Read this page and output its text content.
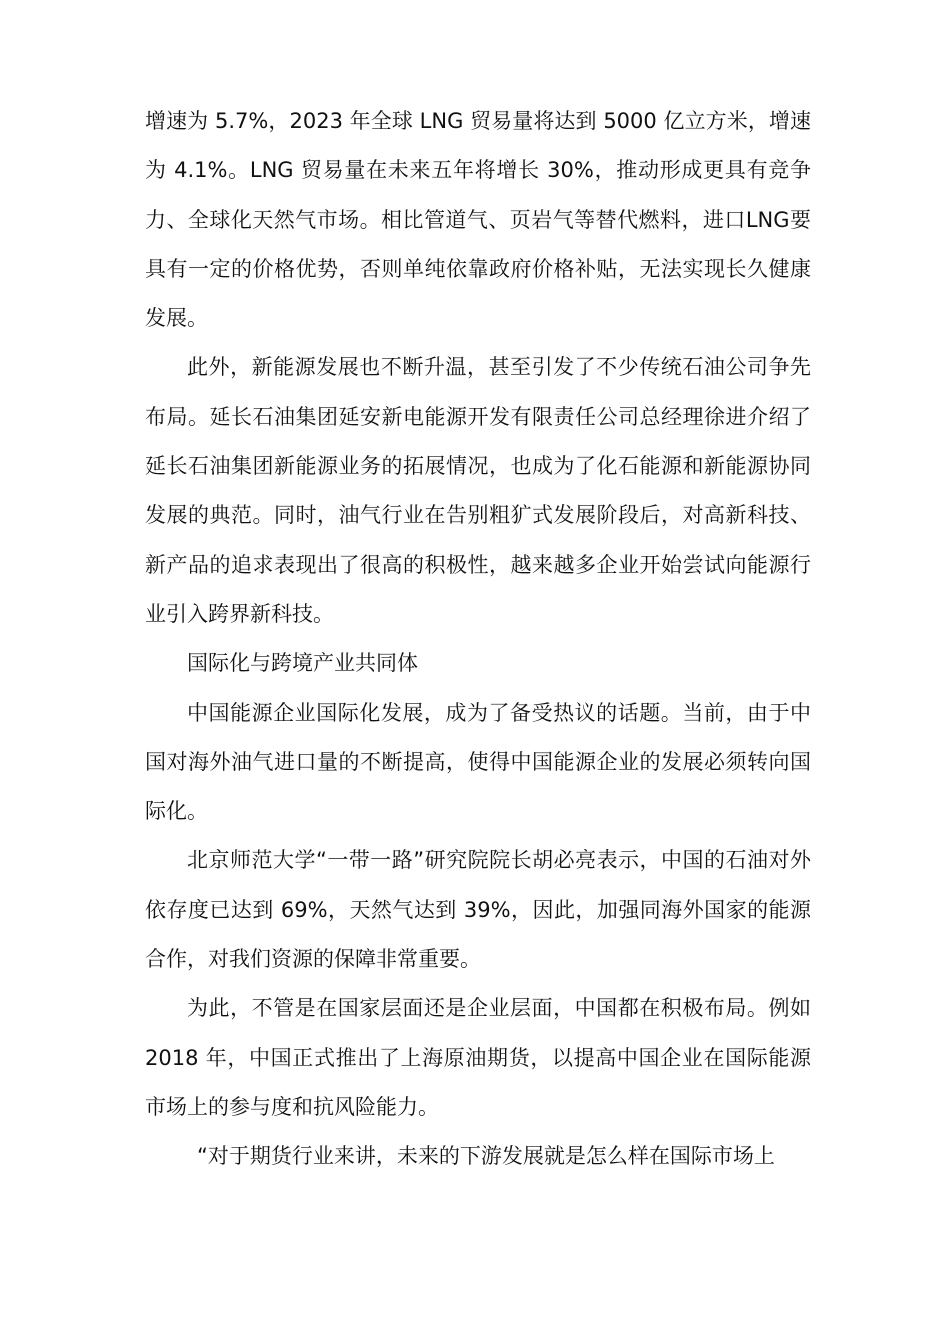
增速为 5.7%，2023 年全球 LNG 贸易量将达到 5000 亿立方米，增速为 4.1%。LNG 贸易量在未来五年将增长 30%，推动形成更具有竞争力、全球化天然气市场。相比管道气、页岩气等替代燃料，进口LNG要具有一定的价格优势，否则单纯依靠政府价格补贴，无法实现长久健康发展。

此外，新能源发展也不断升温，甚至引发了不少传统石油公司争先布局。延长石油集团延安新电能源开发有限责任公司总经理徐进介绍了延长石油集团新能源业务的拓展情况，也成为了化石能源和新能源协同发展的典范。同时，油气行业在告别粗犷式发展阶段后，对高新科技、新产品的追求表现出了很高的积极性，越来越多企业开始尝试向能源行业引入跨界新科技。

国际化与跨境产业共同体

中国能源企业国际化发展，成为了备受热议的话题。当前，由于中国对海外油气进口量的不断提高，使得中国能源企业的发展必须转向国际化。

北京师范大学“一带一路”研究院院长胡必亮表示，中国的石油对外依存度已达到 69%，天然气达到 39%，因此，加强同海外国家的能源合作，对我们资源的保障非常重要。

为此，不管是在国家层面还是企业层面，中国都在积极布局。例如 2018 年，中国正式推出了上海原油期货，以提高中国企业在国际能源市场上的参与度和抗风险能力。

“对于期货行业来讲，未来的下游发展就是怎么样在国际市场上
